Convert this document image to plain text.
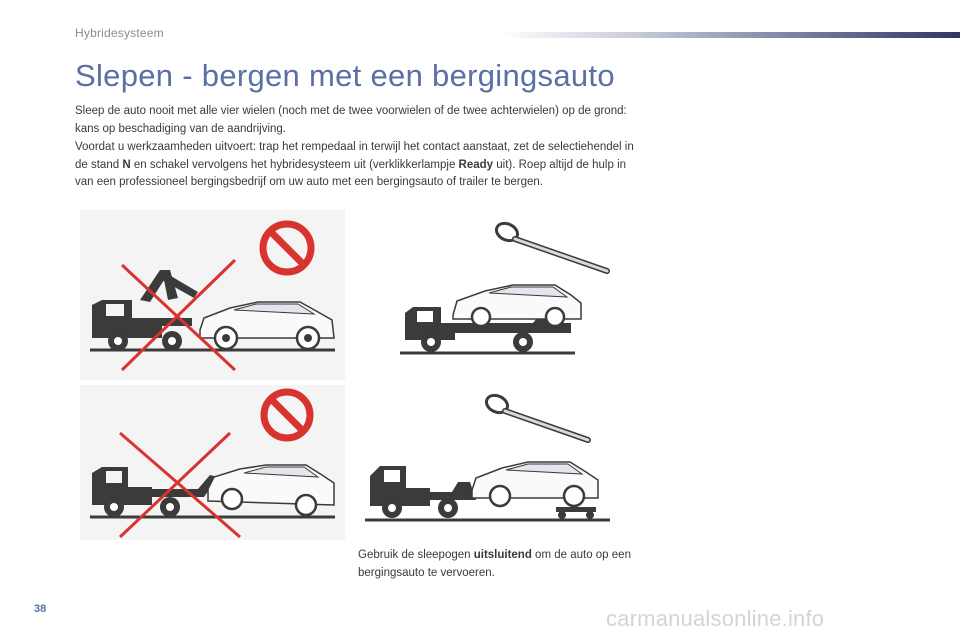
Hybridesysteem
Slepen - bergen met een bergingsauto

Sleep de auto nooit met alle vier wielen (noch met de twee voorwielen of de twee achterwielen) op de grond: kans op beschadiging van de aandrijving.

Voordat u werkzaamheden uitvoert: trap het rempedaal in terwijl het contact aanstaat, zet de selectiehendel in de stand N en schakel vervolgens het hybridesysteem uit (verklikkerlampje Ready uit). Roep altijd de hulp in van een professioneel bergingsbedrijf om uw auto met een bergingsauto of trailer te bergen.

Gebruik de sleepogen uitsluitend om de auto op een bergingsauto te vervoeren.

38	carmanualsonline.info
